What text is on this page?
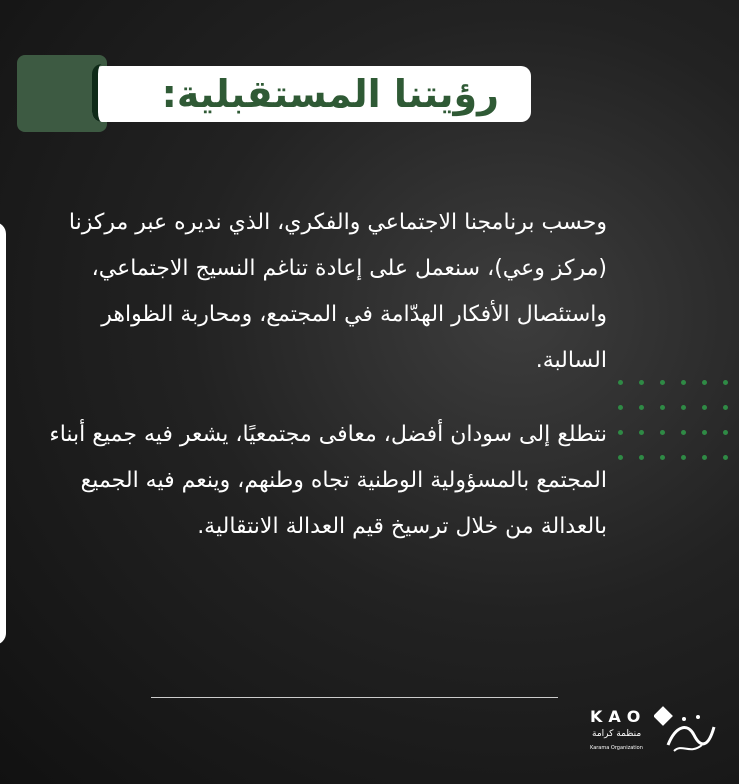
رؤيتنا المستقبلية:
وحسب برنامجنا الاجتماعي والفكري، الذي نديره عبر مركزنا (مركز وعي)، سنعمل على إعادة تناغم النسيج الاجتماعي، واستئصال الأفكار الهدّامة في المجتمع، ومحاربة الظواهر السالبة.
نتطلع إلى سودان أفضل، معافى مجتمعيًا، يشعر فيه جميع أبناء المجتمع بالمسؤولية الوطنية تجاه وطنهم، وينعم فيه الجميع بالعدالة من خلال ترسيخ قيم العدالة الانتقالية.
KAO
منظمة كرامة
Karama Organization
